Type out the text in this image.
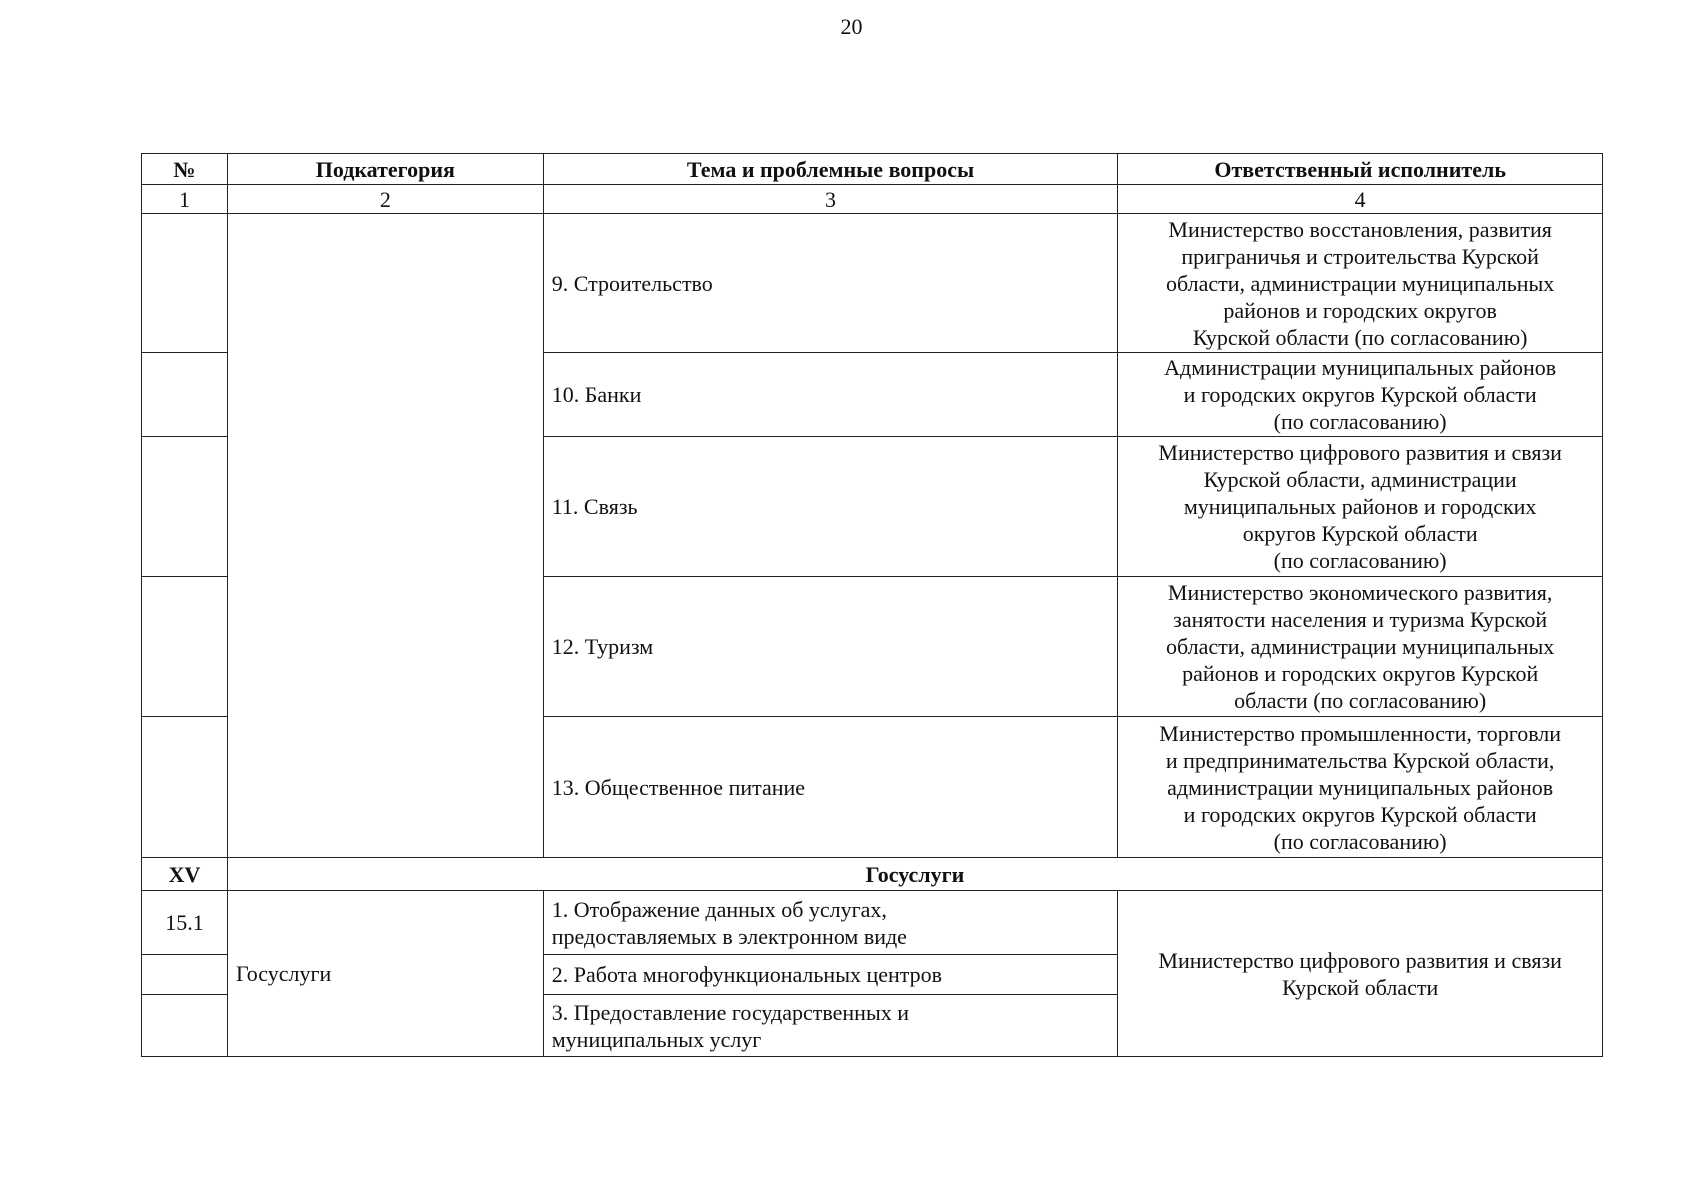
20
№	Подкатегория	Тема и проблемные вопросы	Ответственный исполнитель
1	2	3	4
		9. Строительство	Министерство восстановления, развития
приграничья и строительства Курской
области, администрации муниципальных
районов и городских округов
Курской области (по согласованию)
		10. Банки	Администрации муниципальных районов
и городских округов Курской области
(по согласованию)
		11. Связь	Министерство цифрового развития и связи
Курской области, администрации
муниципальных районов и городских
округов Курской области
(по согласованию)
		12. Туризм	Министерство экономического развития,
занятости населения и туризма Курской
области, администрации муниципальных
районов и городских округов Курской
области (по согласованию)
		13. Общественное питание	Министерство промышленности, торговли
и предпринимательства Курской области,
администрации муниципальных районов
и городских округов Курской области
(по согласованию)
XV	Госуслуги		
15.1	Госуслуги	1. Отображение данных об услугах,
предоставляемых в электронном виде	Министерство цифрового развития и связи
Курской области
		2. Работа многофункциональных центров	
		3. Предоставление государственных и
муниципальных услуг	
